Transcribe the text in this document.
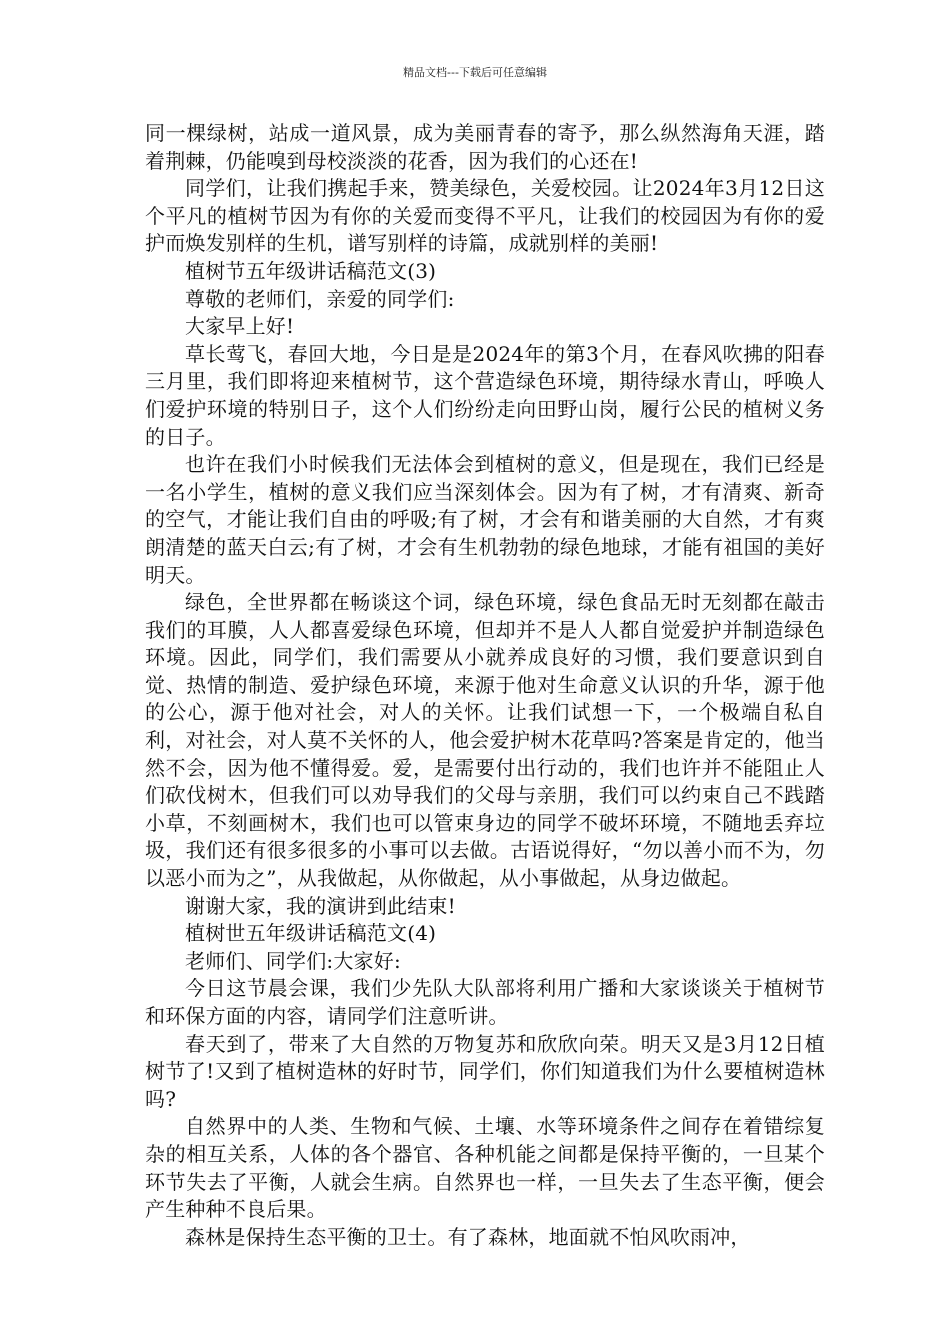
精品文档---下载后可任意编辑

同一棵绿树，站成一道风景，成为美丽青春的寄予，那么纵然海角天涯，踏着荆棘，仍能嗅到母校淡淡的花香，因为我们的心还在!

同学们，让我们携起手来，赞美绿色，关爱校园。让2024年3月12日这个平凡的植树节因为有你的关爱而变得不平凡，让我们的校园因为有你的爱护而焕发别样的生机，谱写别样的诗篇，成就别样的美丽!

植树节五年级讲话稿范文(3)

尊敬的老师们，亲爱的同学们:

大家早上好!

草长莺飞，春回大地，今日是是2024年的第3个月，在春风吹拂的阳春三月里，我们即将迎来植树节，这个营造绿色环境，期待绿水青山，呼唤人们爱护环境的特别日子，这个人们纷纷走向田野山岗，履行公民的植树义务的日子。

也许在我们小时候我们无法体会到植树的意义，但是现在，我们已经是一名小学生，植树的意义我们应当深刻体会。因为有了树，才有清爽、新奇的空气，才能让我们自由的呼吸;有了树，才会有和谐美丽的大自然，才有爽朗清楚的蓝天白云;有了树，才会有生机勃勃的绿色地球，才能有祖国的美好明天。

绿色，全世界都在畅谈这个词，绿色环境，绿色食品无时无刻都在敲击我们的耳膜，人人都喜爱绿色环境，但却并不是人人都自觉爱护并制造绿色环境。因此，同学们，我们需要从小就养成良好的习惯，我们要意识到自觉、热情的制造、爱护绿色环境，来源于他对生命意义认识的升华，源于他的公心，源于他对社会，对人的关怀。让我们试想一下，一个极端自私自利，对社会，对人莫不关怀的人，他会爱护树木花草吗?答案是肯定的，他当然不会，因为他不懂得爱。爱，是需要付出行动的，我们也许并不能阻止人们砍伐树木，但我们可以劝导我们的父母与亲朋，我们可以约束自己不践踏小草，不刻画树木，我们也可以管束身边的同学不破坏环境，不随地丢弃垃圾，我们还有很多很多的小事可以去做。古语说得好，“勿以善小而不为，勿以恶小而为之”，从我做起，从你做起，从小事做起，从身边做起。

谢谢大家，我的演讲到此结束!

植树世五年级讲话稿范文(4)

老师们、同学们:大家好:

今日这节晨会课，我们少先队大队部将利用广播和大家谈谈关于植树节和环保方面的内容，请同学们注意听讲。

春天到了，带来了大自然的万物复苏和欣欣向荣。明天又是3月12日植树节了!又到了植树造林的好时节，同学们，你们知道我们为什么要植树造林吗?

自然界中的人类、生物和气候、土壤、水等环境条件之间存在着错综复杂的相互关系，人体的各个器官、各种机能之间都是保持平衡的，一旦某个环节失去了平衡，人就会生病。自然界也一样，一旦失去了生态平衡，便会产生种种不良后果。

森林是保持生态平衡的卫士。有了森林，地面就不怕风吹雨冲，
